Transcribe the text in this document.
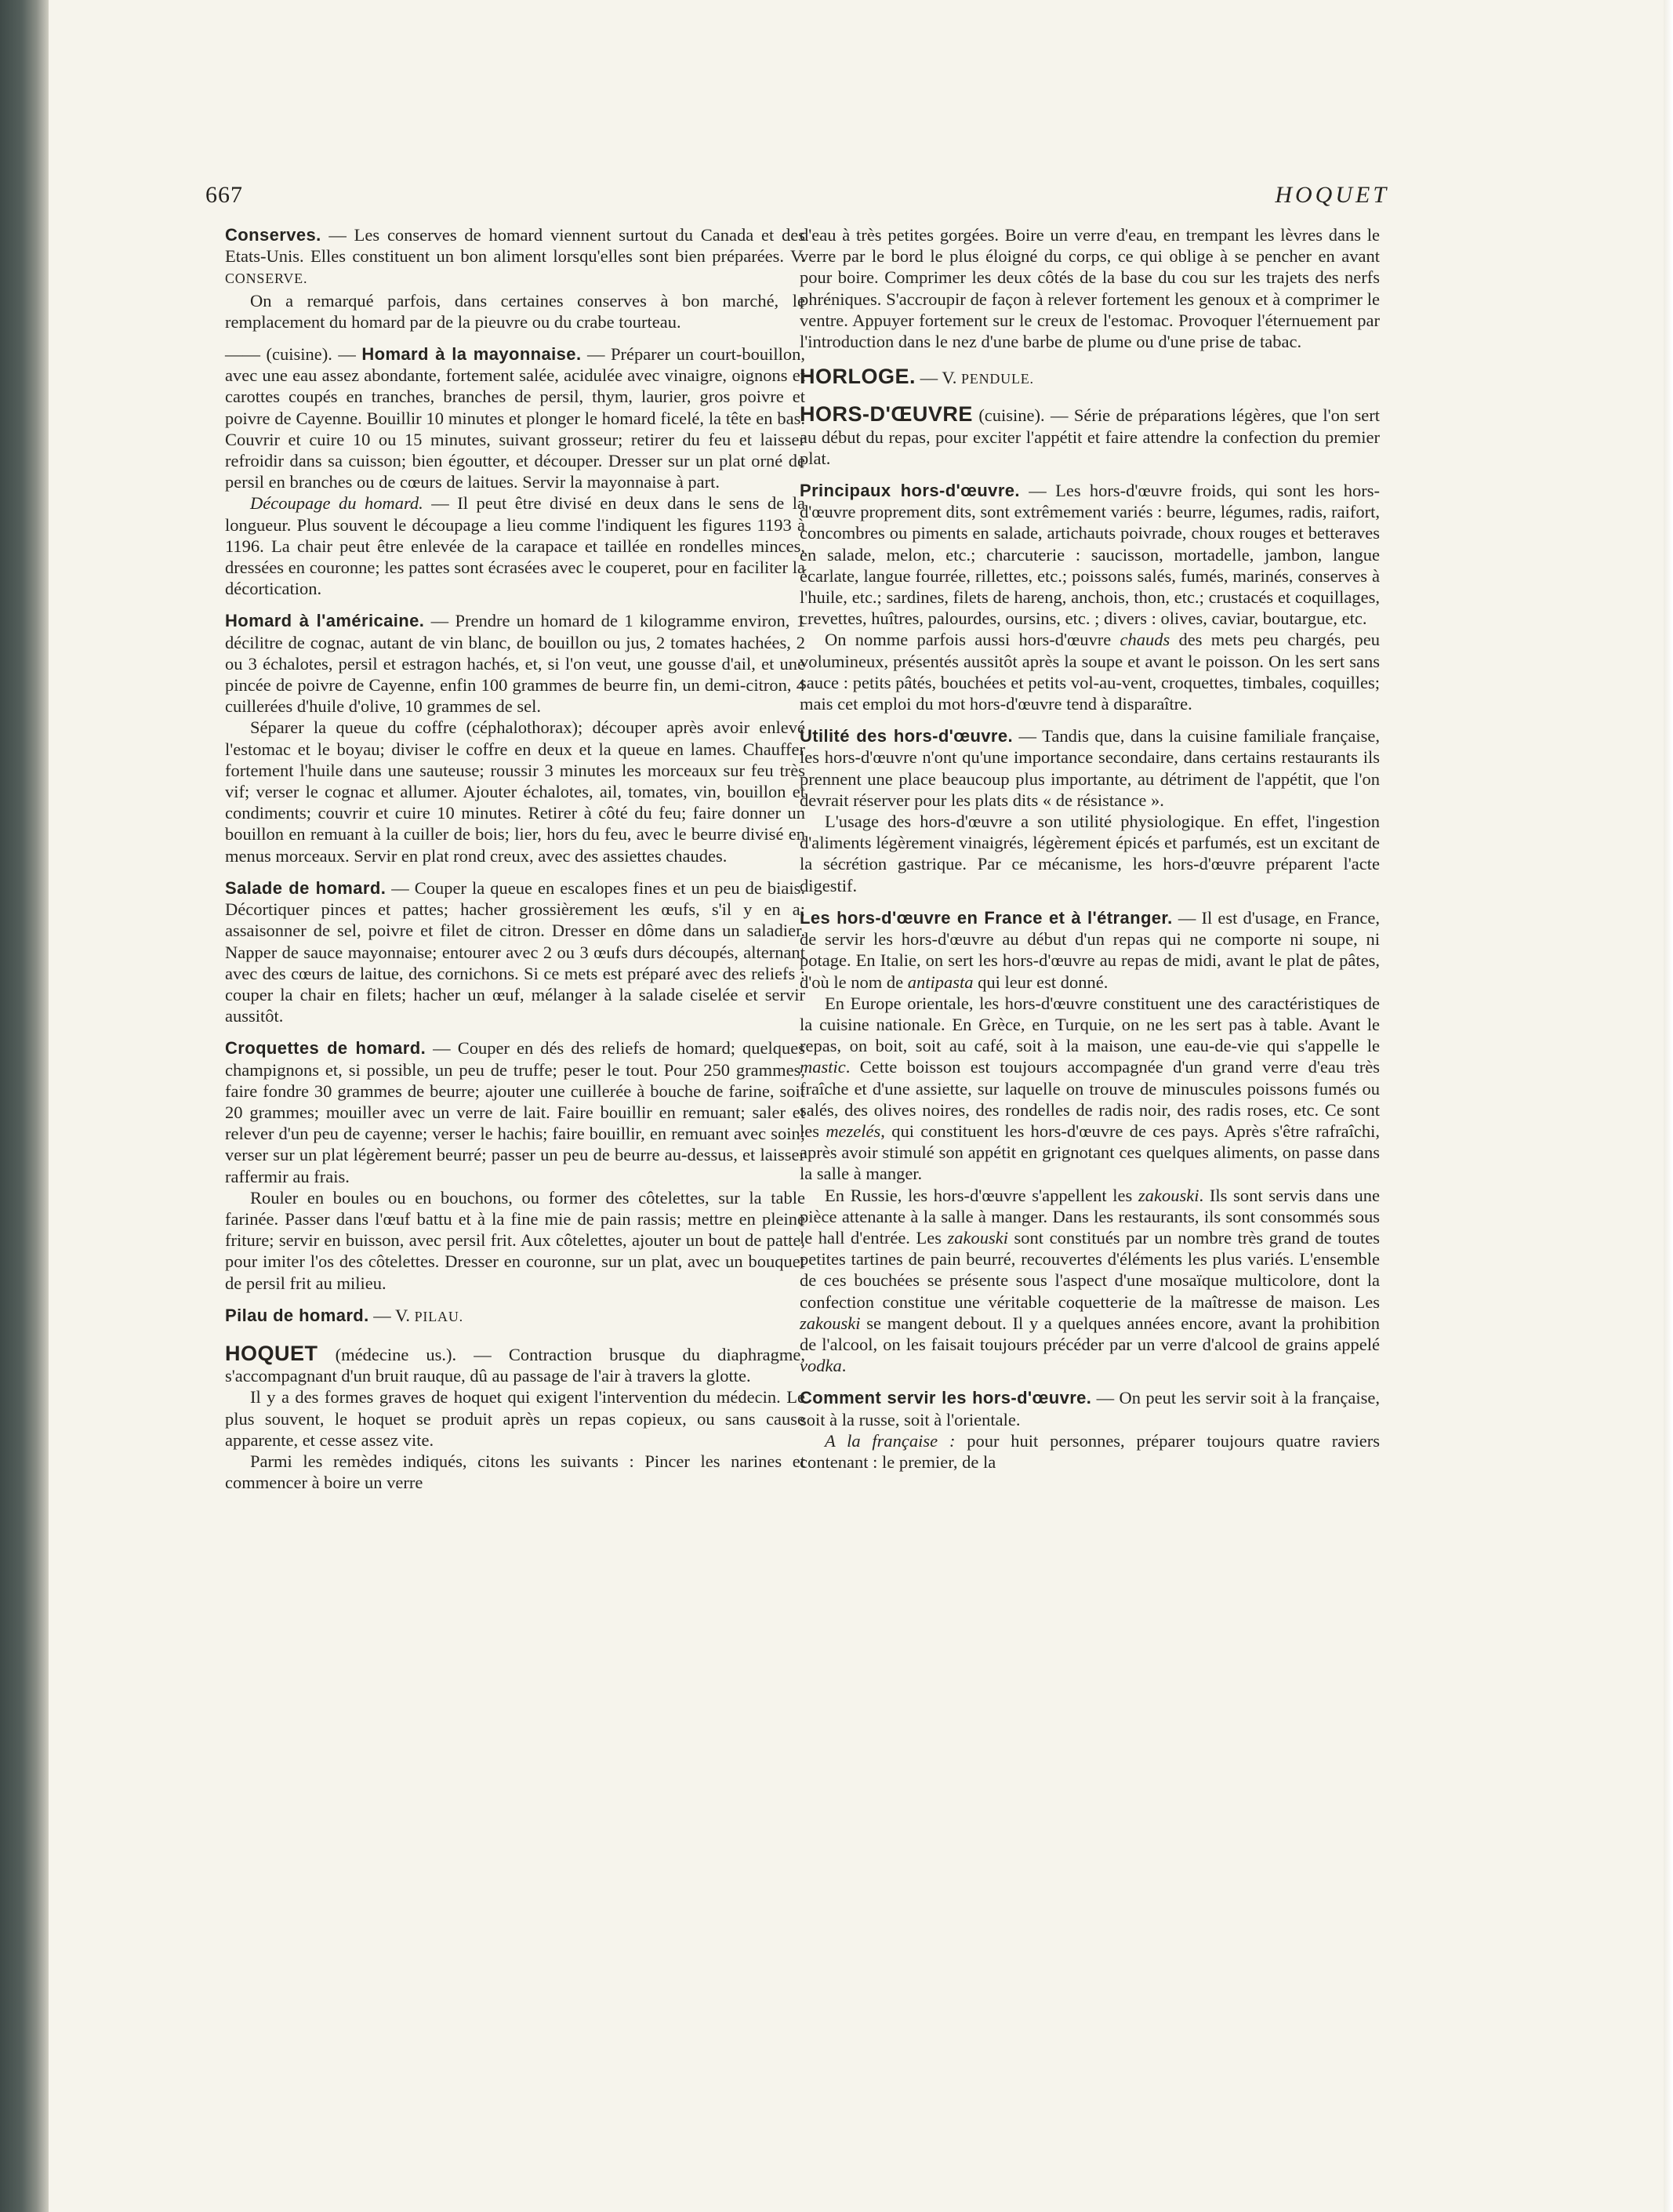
667	HOQUET

Conserves. — Les conserves de homard viennent surtout du Canada et des Etats-Unis. Elles constituent un bon aliment lorsqu'elles sont bien préparées. V. CONSERVE.

On a remarqué parfois, dans certaines conserves à bon marché, le remplacement du homard par de la pieuvre ou du crabe tourteau.

—— (cuisine). — Homard à la mayonnaise. — Préparer un court-bouillon, avec une eau assez abondante, fortement salée, acidulée avec vinaigre, oignons et carottes coupés en tranches, branches de persil, thym, laurier, gros poivre et poivre de Cayenne. Bouillir 10 minutes et plonger le homard ficelé, la tête en bas. Couvrir et cuire 10 ou 15 minutes, suivant grosseur; retirer du feu et laisser refroidir dans sa cuisson; bien égoutter, et découper. Dresser sur un plat orné de persil en branches ou de cœurs de laitues. Servir la mayonnaise à part.

Découpage du homard. — Il peut être divisé en deux dans le sens de la longueur. Plus souvent le découpage a lieu comme l'indiquent les figures 1193 à 1196. La chair peut être enlevée de la carapace et taillée en rondelles minces, dressées en couronne; les pattes sont écrasées avec le couperet, pour en faciliter la décortication.

Homard à l'américaine. — Prendre un homard de 1 kilogramme environ, 1 décilitre de cognac, autant de vin blanc, de bouillon ou jus, 2 tomates hachées, 2 ou 3 échalotes, persil et estragon hachés, et, si l'on veut, une gousse d'ail, et une pincée de poivre de Cayenne, enfin 100 grammes de beurre fin, un demi-citron, 4 cuillerées d'huile d'olive, 10 grammes de sel.

Séparer la queue du coffre (céphalothorax); découper après avoir enlevé l'estomac et le boyau; diviser le coffre en deux et la queue en lames. Chauffer fortement l'huile dans une sauteuse; roussir 3 minutes les morceaux sur feu très vif; verser le cognac et allumer. Ajouter échalotes, ail, tomates, vin, bouillon et condiments; couvrir et cuire 10 minutes. Retirer à côté du feu; faire donner un bouillon en remuant à la cuiller de bois; lier, hors du feu, avec le beurre divisé en menus morceaux. Servir en plat rond creux, avec des assiettes chaudes.

Salade de homard. — Couper la queue en escalopes fines et un peu de biais. Décortiquer pinces et pattes; hacher grossièrement les œufs, s'il y en a; assaisonner de sel, poivre et filet de citron. Dresser en dôme dans un saladier. Napper de sauce mayonnaise; entourer avec 2 ou 3 œufs durs découpés, alternant avec des cœurs de laitue, des cornichons. Si ce mets est préparé avec des reliefs : couper la chair en filets; hacher un œuf, mélanger à la salade ciselée et servir aussitôt.

Croquettes de homard. — Couper en dés des reliefs de homard; quelques champignons et, si possible, un peu de truffe; peser le tout. Pour 250 grammes, faire fondre 30 grammes de beurre; ajouter une cuillerée à bouche de farine, soit 20 grammes; mouiller avec un verre de lait. Faire bouillir en remuant; saler et relever d'un peu de cayenne; verser le hachis; faire bouillir, en remuant avec soin; verser sur un plat légèrement beurré; passer un peu de beurre au-dessus, et laisser raffermir au frais.

Rouler en boules ou en bouchons, ou former des côtelettes, sur la table farinée. Passer dans l'œuf battu et à la fine mie de pain rassis; mettre en pleine friture; servir en buisson, avec persil frit. Aux côtelettes, ajouter un bout de patte, pour imiter l'os des côtelettes. Dresser en couronne, sur un plat, avec un bouquet de persil frit au milieu.

Pilau de homard. — V. PILAU.

HOQUET (médecine us.). — Contraction brusque du diaphragme, s'accompagnant d'un bruit rauque, dû au passage de l'air à travers la glotte.

Il y a des formes graves de hoquet qui exigent l'intervention du médecin. Le plus souvent, le hoquet se produit après un repas copieux, ou sans cause apparente, et cesse assez vite.

Parmi les remèdes indiqués, citons les suivants : Pincer les narines et commencer à boire un verre

d'eau à très petites gorgées. Boire un verre d'eau, en trempant les lèvres dans le verre par le bord le plus éloigné du corps, ce qui oblige à se pencher en avant pour boire. Comprimer les deux côtés de la base du cou sur les trajets des nerfs phréniques. S'accroupir de façon à relever fortement les genoux et à comprimer le ventre. Appuyer fortement sur le creux de l'estomac. Provoquer l'éternuement par l'introduction dans le nez d'une barbe de plume ou d'une prise de tabac.

HORLOGE. — V. PENDULE.

HORS-D'ŒUVRE (cuisine). — Série de préparations légères, que l'on sert au début du repas, pour exciter l'appétit et faire attendre la confection du premier plat.

Principaux hors-d'œuvre. — Les hors-d'œuvre froids, qui sont les hors-d'œuvre proprement dits, sont extrêmement variés : beurre, légumes, radis, raifort, concombres ou piments en salade, artichauts poivrade, choux rouges et betteraves en salade, melon, etc.; charcuterie : saucisson, mortadelle, jambon, langue écarlate, langue fourrée, rillettes, etc.; poissons salés, fumés, marinés, conserves à l'huile, etc.; sardines, filets de hareng, anchois, thon, etc.; crustacés et coquillages, crevettes, huîtres, palourdes, oursins, etc. ; divers : olives, caviar, boutargue, etc.

On nomme parfois aussi hors-d'œuvre chauds des mets peu chargés, peu volumineux, présentés aussitôt après la soupe et avant le poisson. On les sert sans sauce : petits pâtés, bouchées et petits vol-au-vent, croquettes, timbales, coquilles; mais cet emploi du mot hors-d'œuvre tend à disparaître.

Utilité des hors-d'œuvre. — Tandis que, dans la cuisine familiale française, les hors-d'œuvre n'ont qu'une importance secondaire, dans certains restaurants ils prennent une place beaucoup plus importante, au détriment de l'appétit, que l'on devrait réserver pour les plats dits « de résistance ».

L'usage des hors-d'œuvre a son utilité physiologique. En effet, l'ingestion d'aliments légèrement vinaigrés, légèrement épicés et parfumés, est un excitant de la sécrétion gastrique. Par ce mécanisme, les hors-d'œuvre préparent l'acte digestif.

Les hors-d'œuvre en France et à l'étranger. — Il est d'usage, en France, de servir les hors-d'œuvre au début d'un repas qui ne comporte ni soupe, ni potage. En Italie, on sert les hors-d'œuvre au repas de midi, avant le plat de pâtes, d'où le nom de antipasta qui leur est donné.

En Europe orientale, les hors-d'œuvre constituent une des caractéristiques de la cuisine nationale. En Grèce, en Turquie, on ne les sert pas à table. Avant le repas, on boit, soit au café, soit à la maison, une eau-de-vie qui s'appelle le mastic. Cette boisson est toujours accompagnée d'un grand verre d'eau très fraîche et d'une assiette, sur laquelle on trouve de minuscules poissons fumés ou salés, des olives noires, des rondelles de radis noir, des radis roses, etc. Ce sont les mezelés, qui constituent les hors-d'œuvre de ces pays. Après s'être rafraîchi, après avoir stimulé son appétit en grignotant ces quelques aliments, on passe dans la salle à manger.

En Russie, les hors-d'œuvre s'appellent les zakouski. Ils sont servis dans une pièce attenante à la salle à manger. Dans les restaurants, ils sont consommés sous le hall d'entrée. Les zakouski sont constitués par un nombre très grand de toutes petites tartines de pain beurré, recouvertes d'éléments les plus variés. L'ensemble de ces bouchées se présente sous l'aspect d'une mosaïque multicolore, dont la confection constitue une véritable coquetterie de la maîtresse de maison. Les zakouski se mangent debout. Il y a quelques années encore, avant la prohibition de l'alcool, on les faisait toujours précéder par un verre d'alcool de grains appelé vodka.

Comment servir les hors-d'œuvre. — On peut les servir soit à la française, soit à la russe, soit à l'orientale.

A la française : pour huit personnes, préparer toujours quatre raviers contenant : le premier, de la
